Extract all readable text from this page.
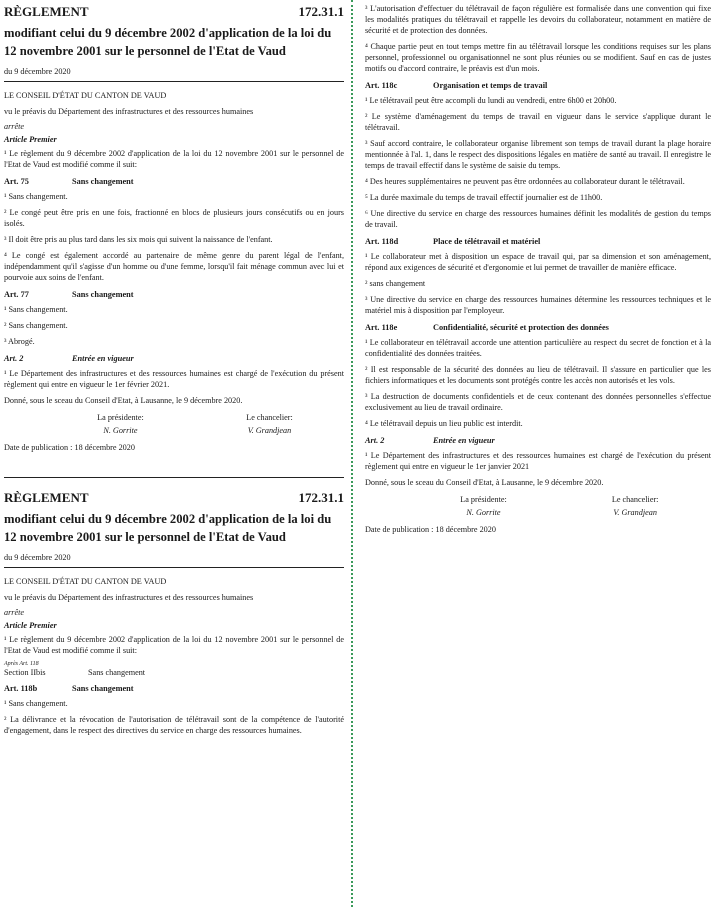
RÈGLEMENT	172.31.1
modifiant celui du 9 décembre 2002 d'application de la loi du 12 novembre 2001 sur le personnel de l'Etat de Vaud
du 9 décembre 2020

LE CONSEIL D'ÉTAT DU CANTON DE VAUD

vu le préavis du Département des infrastructures et des ressources humaines

arrête
Article Premier

¹ Le règlement du 9 décembre 2002 d'application de la loi du 12 novembre 2001 sur le personnel de l'Etat de Vaud est modifié comme il suit:

Art. 75	Sans changement

¹ Sans changement.

² Le congé peut être pris en une fois, fractionné en blocs de plusieurs jours consécutifs ou en jours isolés.

³ Il doit être pris au plus tard dans les six mois qui suivent la naissance de l'enfant.

⁴ Le congé est également accordé au partenaire de même genre du parent légal de l'enfant, indépendamment qu'il s'agisse d'un homme ou d'une femme, lorsqu'il fait ménage commun avec lui et pourvoie aux soins de l'enfant.

Art. 77	Sans changement

¹ Sans changement.

² Sans changement.

³ Abrogé.

Art. 2	Entrée en vigueur

¹ Le Département des infrastructures et des ressources humaines est chargé de l'exécution du présent règlement qui entre en vigueur le 1er février 2021.

Donné, sous le sceau du Conseil d'Etat, à Lausanne, le 9 décembre 2020.

La présidente:	Le chancelier:
N. Gorrite	V. Grandjean

Date de publication : 18 décembre 2020

RÈGLEMENT	172.31.1
modifiant celui du 9 décembre 2002 d'application de la loi du 12 novembre 2001 sur le personnel de l'Etat de Vaud
du 9 décembre 2020

LE CONSEIL D'ÉTAT DU CANTON DE VAUD

vu le préavis du Département des infrastructures et des ressources humaines

arrête
Article Premier

¹ Le règlement du 9 décembre 2002 d'application de la loi du 12 novembre 2001 sur le personnel de l'Etat de Vaud est modifié comme il suit:

Après Art. 118
Section IIbis	Sans changement
Art. 118b	Sans changement

¹ Sans changement.

² La délivrance et la révocation de l'autorisation de télétravail sont de la compétence de l'autorité d'engagement, dans le respect des directives du service en charge des ressources humaines.

³ L'autorisation d'effectuer du télétravail de façon régulière est formalisée dans une convention qui fixe les modalités pratiques du télétravail et rappelle les devoirs du collaborateur, notamment en matière de sécurité et de protection des données.

⁴ Chaque partie peut en tout temps mettre fin au télétravail lorsque les conditions requises sur les plans personnel, professionnel ou organisationnel ne sont plus réunies ou se modifient. Sauf en cas de justes motifs ou d'accord contraire, le préavis est d'un mois.

Art. 118c	Organisation et temps de travail

¹ Le télétravail peut être accompli du lundi au vendredi, entre 6h00 et 20h00.

² Le système d'aménagement du temps de travail en vigueur dans le service s'applique durant le télétravail.

³ Sauf accord contraire, le collaborateur organise librement son temps de travail durant la plage horaire mentionnée à l'al. 1, dans le respect des dispositions légales en matière de santé au travail. Il enregistre le temps de travail effectif dans le système de saisie du temps.

⁴ Des heures supplémentaires ne peuvent pas être ordonnées au collaborateur durant le télétravail.

⁵ La durée maximale du temps de travail effectif journalier est de 11h00.

⁶ Une directive du service en charge des ressources humaines définit les modalités de gestion du temps de travail.

Art. 118d	Place de télétravail et matériel

¹ Le collaborateur met à disposition un espace de travail qui, par sa dimension et son aménagement, répond aux exigences de sécurité et d'ergonomie et lui permet de travailler de manière efficace.

² sans changement

³ Une directive du service en charge des ressources humaines détermine les ressources techniques et le matériel mis à disposition par l'employeur.

Art. 118e	Confidentialité, sécurité et protection des données

¹ Le collaborateur en télétravail accorde une attention particulière au respect du secret de fonction et à la confidentialité des données traitées.

² Il est responsable de la sécurité des données au lieu de télétravail. Il s'assure en particulier que les fichiers informatiques et les documents sont protégés contre les accès non autorisés et les vols.

³ La destruction de documents confidentiels et de ceux contenant des données personnelles s'effectue exclusivement au lieu de travail ordinaire.

⁴ Le télétravail depuis un lieu public est interdit.

Art. 2	Entrée en vigueur

¹ Le Département des infrastructures et des ressources humaines est chargé de l'exécution du présent règlement qui entre en vigueur le 1er janvier 2021

Donné, sous le sceau du Conseil d'Etat, à Lausanne, le 9 décembre 2020.

La présidente:	Le chancelier:
N. Gorrite	V. Grandjean

Date de publication : 18 décembre 2020
